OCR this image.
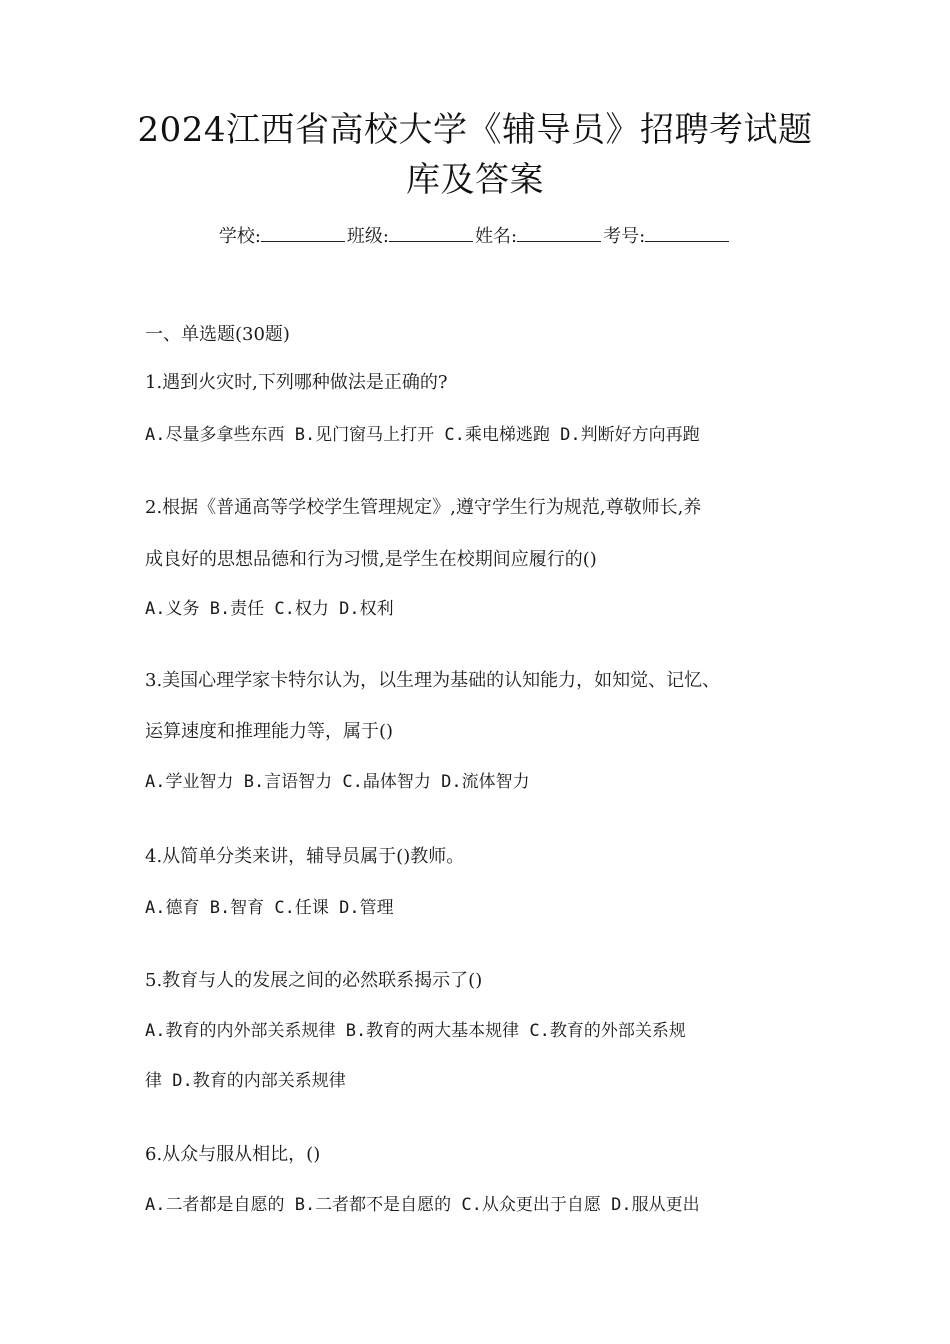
2024江西省高校大学《辅导员》招聘考试题
库及答案
学校:	班级:	姓名:	考号:
一、单选题(30题)
1.遇到火灾时,下列哪种做法是正确的?
A.尽量多拿些东西 B.见门窗马上打开 C.乘电梯逃跑 D.判断好方向再跑
2.根据《普通高等学校学生管理规定》,遵守学生行为规范,尊敬师长,养
成良好的思想品德和行为习惯,是学生在校期间应履行的()
A.义务 B.责任 C.权力 D.权利
3.美国心理学家卡特尔认为，以生理为基础的认知能力，如知觉、记忆、
运算速度和推理能力等，属于()
A.学业智力 B.言语智力 C.晶体智力 D.流体智力
4.从简单分类来讲，辅导员属于()教师。
A.德育 B.智育 C.任课 D.管理
5.教育与人的发展之间的必然联系揭示了()
A.教育的内外部关系规律 B.教育的两大基本规律 C.教育的外部关系规
律 D.教育的内部关系规律
6.从众与服从相比，()
A.二者都是自愿的 B.二者都不是自愿的 C.从众更出于自愿 D.服从更出
